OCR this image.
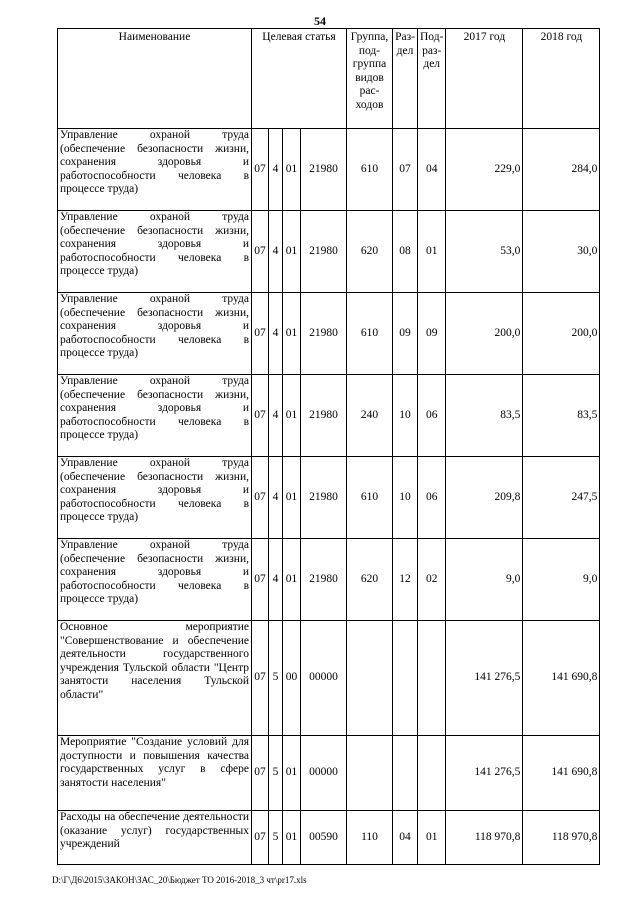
54
Наименование	Целевая статья				Группа, под- группа видов рас- ходов	Раз- дел	Под- раз- дел	2017 год	2018 год
Управление охраной труда (обеспечение безопасности жизни, сохранения здоровья и работоспособности человека в процессе труда)	07	4	01	21980	610	07	04	229,0	284,0
Управление охраной труда (обеспечение безопасности жизни, сохранения здоровья и работоспособности человека в процессе труда)	07	4	01	21980	620	08	01	53,0	30,0
Управление охраной труда (обеспечение безопасности жизни, сохранения здоровья и работоспособности человека в процессе труда)	07	4	01	21980	610	09	09	200,0	200,0
Управление охраной труда (обеспечение безопасности жизни, сохранения здоровья и работоспособности человека в процессе труда)	07	4	01	21980	240	10	06	83,5	83,5
Управление охраной труда (обеспечение безопасности жизни, сохранения здоровья и работоспособности человека в процессе труда)	07	4	01	21980	610	10	06	209,8	247,5
Управление охраной труда (обеспечение безопасности жизни, сохранения здоровья и работоспособности человека в процессе труда)	07	4	01	21980	620	12	02	9,0	9,0
Основное мероприятие "Совершенствование и обеспечение деятельности государственного учреждения Тульской области "Центр занятости населения Тульской области"	07	5	00	00000				141 276,5	141 690,8
Мероприятие "Создание условий для доступности и повышения качества государственных услуг в сфере занятости населения"	07	5	01	00000				141 276,5	141 690,8
Расходы на обеспечение деятельности (оказание услуг) государственных учреждений	07	5	01	00590	110	04	01	118 970,8	118 970,8
D:\Г\Д6\2015\ЗАКОН\ЗАС_20\Бюджет ТО 2016-2018_3 чт\pr17.xls
